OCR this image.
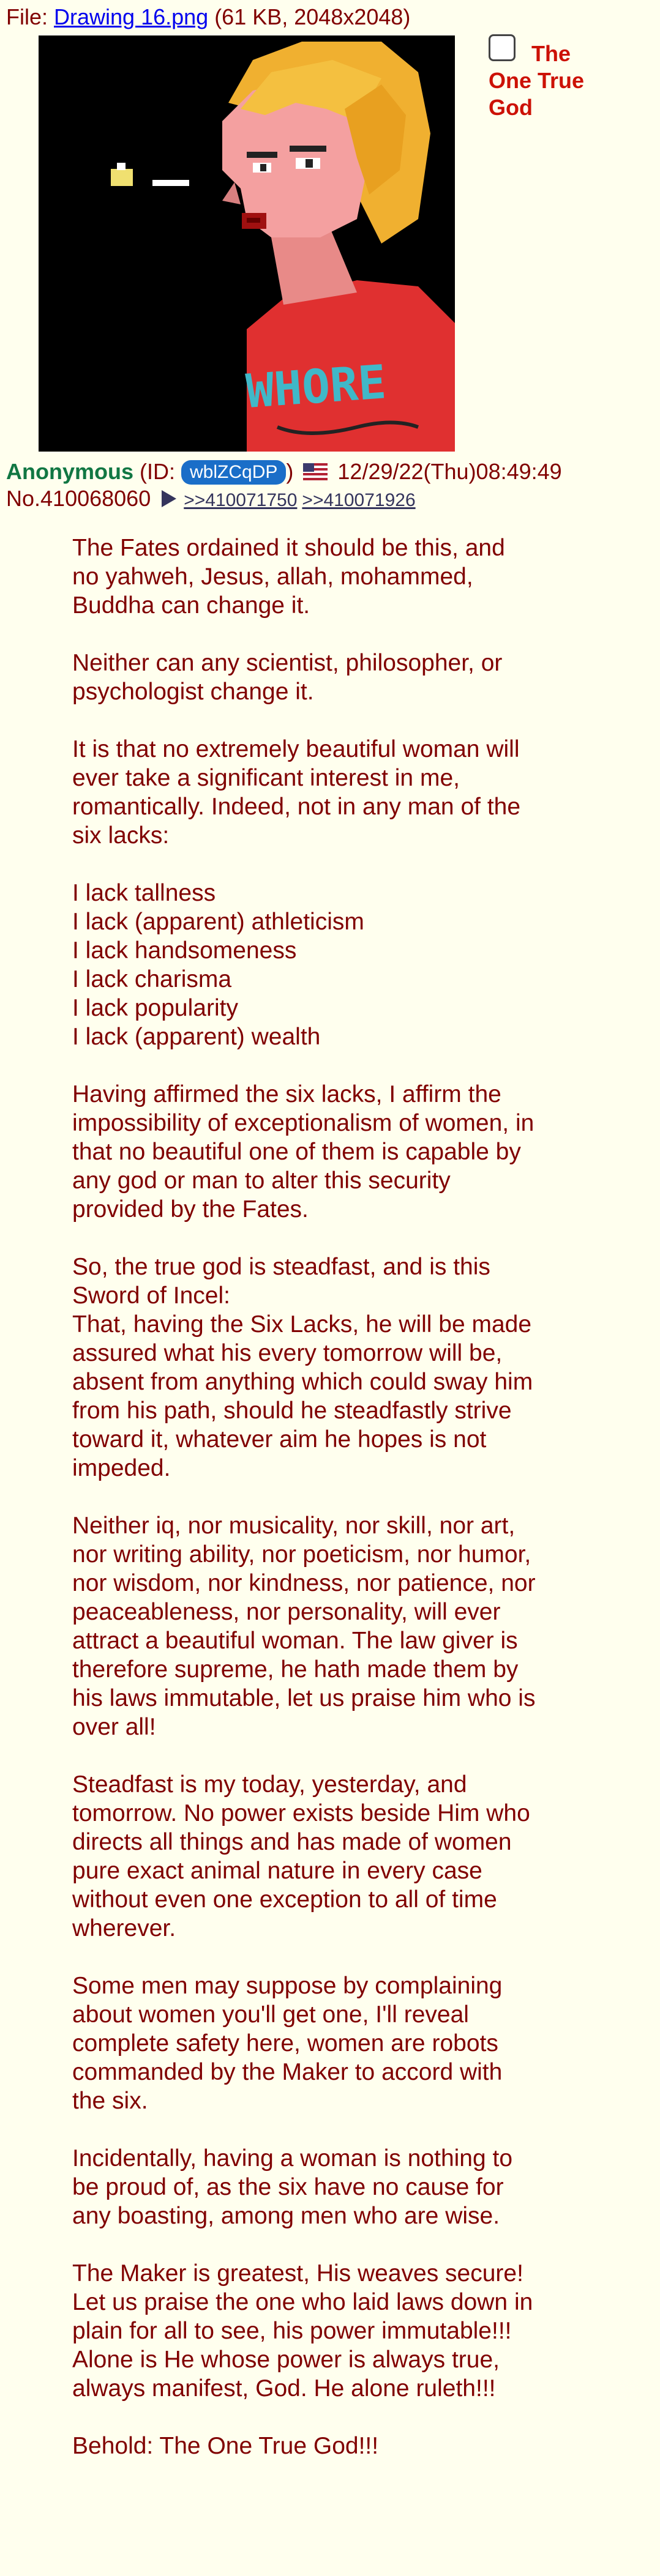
File: Drawing 16.png (61 KB, 2048x2048)
WHORE
The One True God
Anonymous (ID: wblZCqDP )  12/29/22(Thu)08:49:49
No.410068060 >>410071750 >>410071926

The Fates ordained it should be this, and no yahweh, Jesus, allah, mohammed, Buddha can change it.

Neither can any scientist, philosopher, or psychologist change it.

It is that no extremely beautiful woman will ever take a significant interest in me, romantically. Indeed, not in any man of the six lacks:

I lack tallness
I lack (apparent) athleticism
I lack handsomeness
I lack charisma
I lack popularity
I lack (apparent) wealth

Having affirmed the six lacks, I affirm the impossibility of exceptionalism of women, in that no beautiful one of them is capable by any god or man to alter this security provided by the Fates.

So, the true god is steadfast, and is this Sword of Incel:

That, having the Six Lacks, he will be made assured what his every tomorrow will be, absent from anything which could sway him from his path, should he steadfastly strive toward it, whatever aim he hopes is not impeded.

Neither iq, nor musicality, nor skill, nor art, nor writing ability, nor poeticism, nor humor, nor wisdom, nor kindness, nor patience, nor peaceableness, nor personality, will ever attract a beautiful woman. The law giver is therefore supreme, he hath made them by his laws immutable, let us praise him who is over all!

Steadfast is my today, yesterday, and tomorrow. No power exists beside Him who directs all things and has made of women pure exact animal nature in every case without even one exception to all of time wherever.

Some men may suppose by complaining about women you'll get one, I'll reveal complete safety here, women are robots commanded by the Maker to accord with the six.

Incidentally, having a woman is nothing to be proud of, as the six have no cause for any boasting, among men who are wise.

The Maker is greatest, His weaves secure! Let us praise the one who laid laws down in plain for all to see, his power immutable!!! Alone is He whose power is always true, always manifest, God. He alone ruleth!!!

Behold: The One True God!!!
